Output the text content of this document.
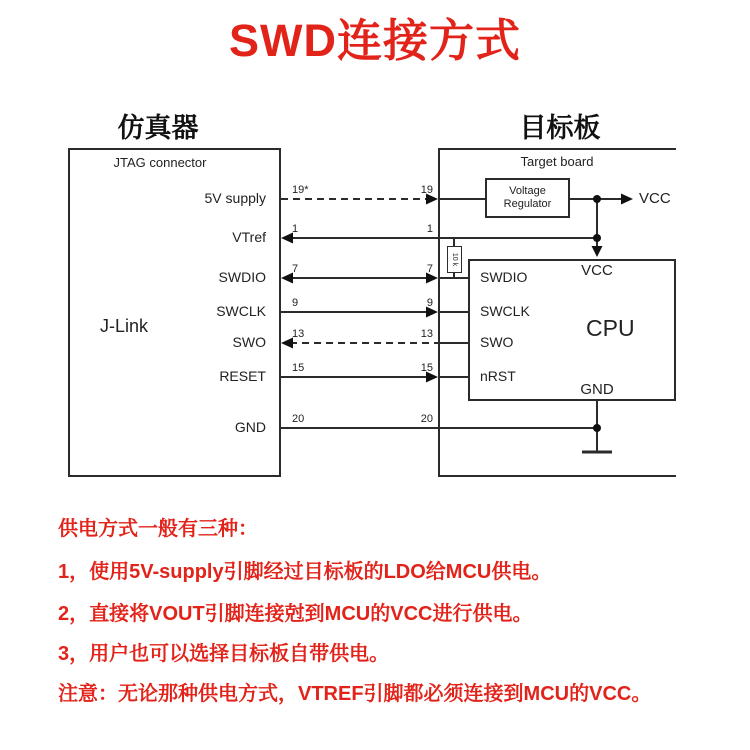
SWD连接方式
仿真器	目标板
JTAG connector
J-Link
5V supply
VTref
SWDIO
SWCLK
SWO
RESET
GND
19*
1
7
9
13
15
20
19
1
7
9
13
15
20
Target board
Voltage
Regulator	VCC
10 k
VCC
CPU
GND
SWDIO
SWCLK
SWO
nRST
供电方式一般有三种：
1，使用5V-supply引脚经过目标板的LDO给MCU供电。
2，直接将VOUT引脚连接尅到MCU的VCC进行供电。
3，用户也可以选择目标板自带供电。
注意：无论那种供电方式，VTREF引脚都必须连接到MCU的VCC。
